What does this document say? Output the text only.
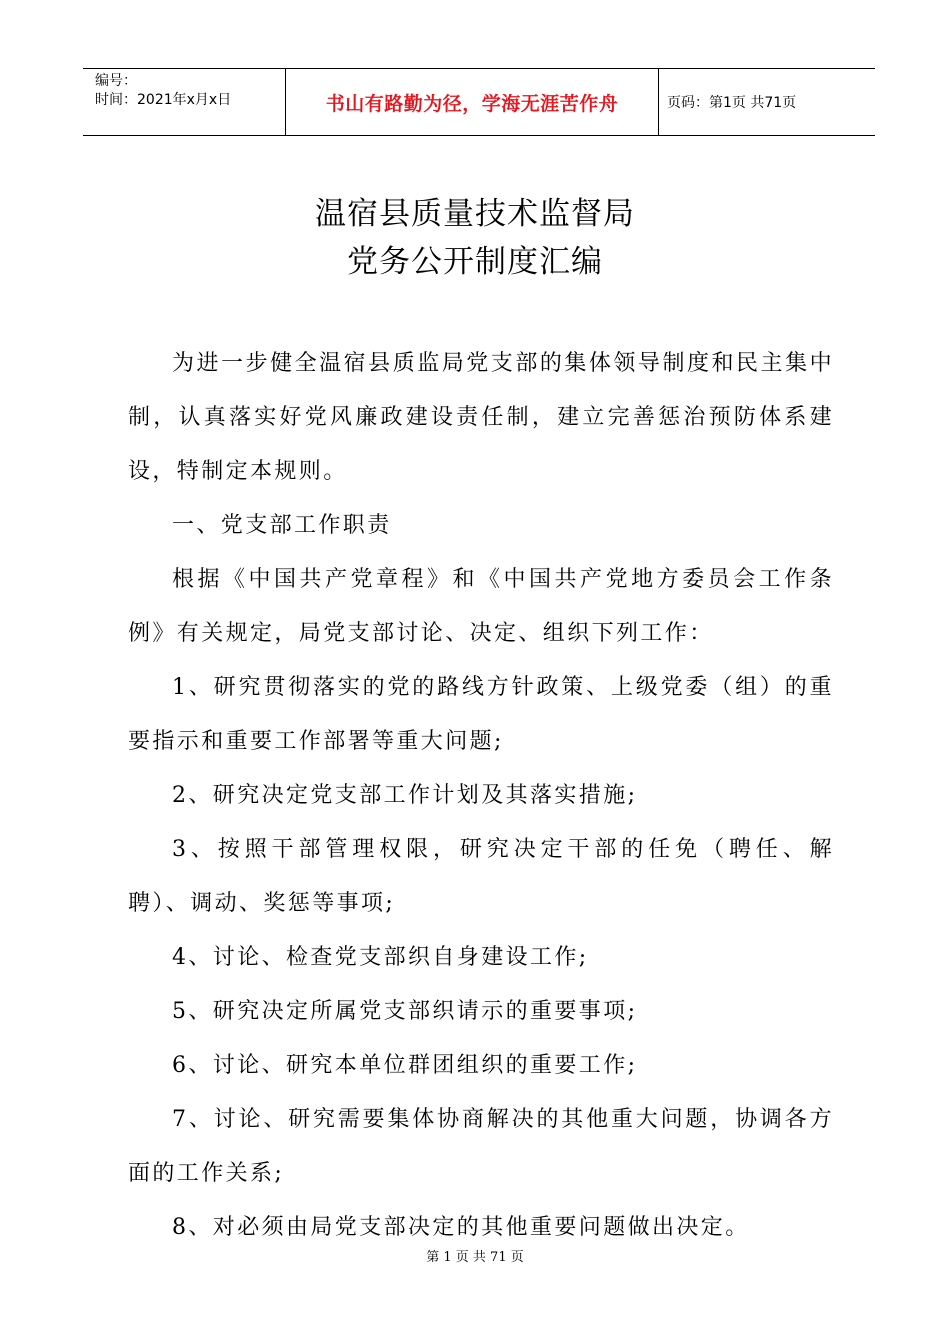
编号：
时间：2021年x月x日	书山有路勤为径，学海无涯苦作舟	页码：第1页 共71页
温宿县质量技术监督局
党务公开制度汇编

为进一步健全温宿县质监局党支部的集体领导制度和民主集中制，认真落实好党风廉政建设责任制，建立完善惩治预防体系建设，特制定本规则。

一、党支部工作职责

根据《中国共产党章程》和《中国共产党地方委员会工作条例》有关规定，局党支部讨论、决定、组织下列工作：

1、研究贯彻落实的党的路线方针政策、上级党委（组）的重要指示和重要工作部署等重大问题;

2、研究决定党支部工作计划及其落实措施;

3、按照干部管理权限，研究决定干部的任免（聘任、解聘）、调动、奖惩等事项;

4、讨论、检查党支部织自身建设工作;

5、研究决定所属党支部织请示的重要事项;

6、讨论、研究本单位群团组织的重要工作;

7、讨论、研究需要集体协商解决的其他重大问题，协调各方面的工作关系;

8、对必须由局党支部决定的其他重要问题做出决定。

第 1 页 共 71 页
